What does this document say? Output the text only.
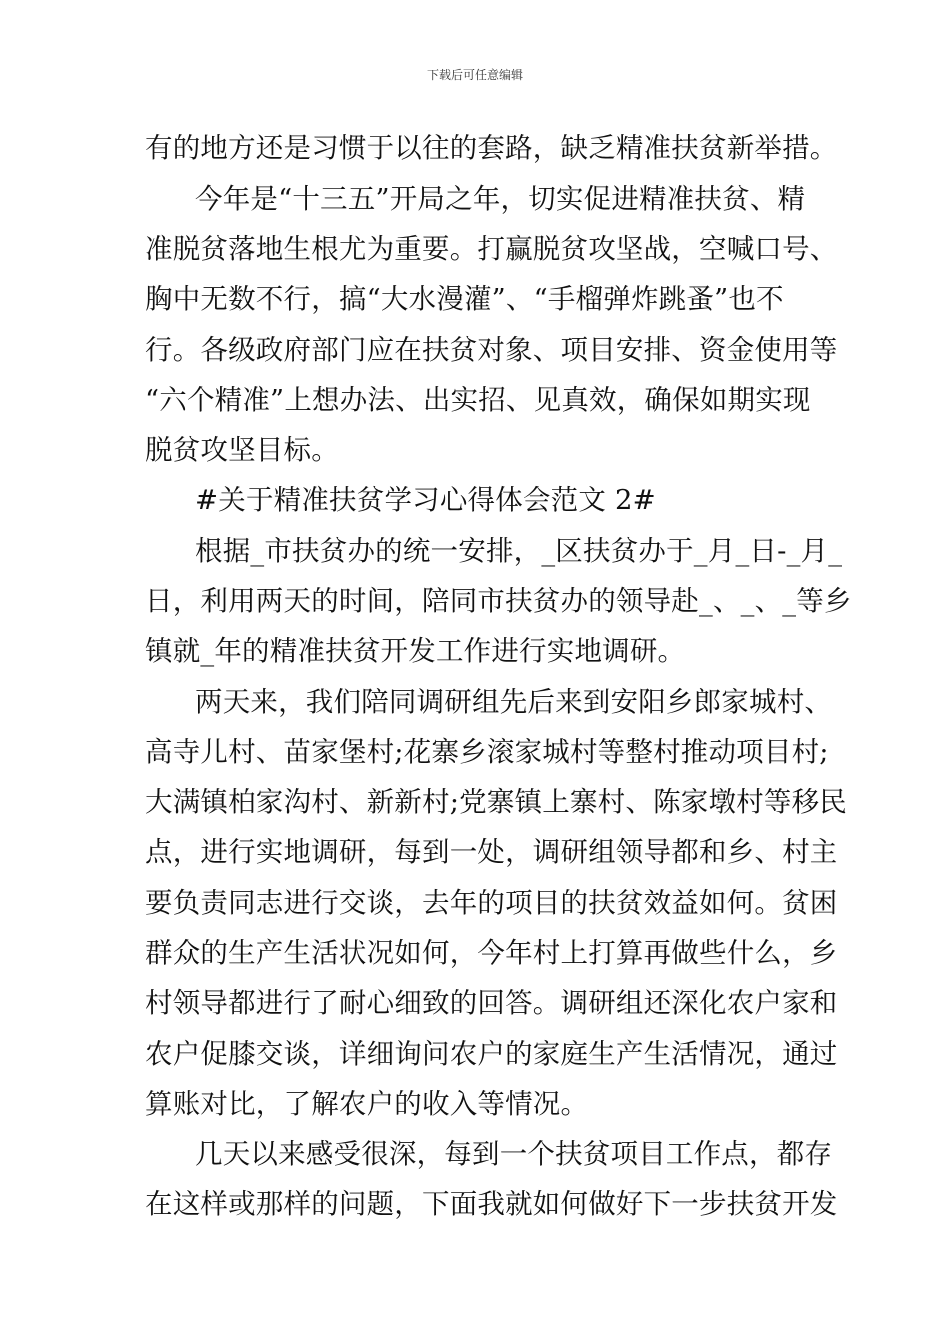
下载后可任意编辑
有的地方还是习惯于以往的套路，缺乏精准扶贫新举措。
今年是“十三五”开局之年，切实促进精准扶贫、精
准脱贫落地生根尤为重要。打赢脱贫攻坚战，空喊口号、
胸中无数不行，搞“大水漫灌”、“手榴弹炸跳蚤”也不
行。各级政府部门应在扶贫对象、项目安排、资金使用等
“六个精准”上想办法、出实招、见真效，确保如期实现
脱贫攻坚目标。
#关于精准扶贫学习心得体会范文 2#
根据_市扶贫办的统一安排，_区扶贫办于_月_日-_月_
日，利用两天的时间，陪同市扶贫办的领导赴_、_、_等乡
镇就_年的精准扶贫开发工作进行实地调研。
两天来，我们陪同调研组先后来到安阳乡郎家城村、
高寺儿村、苗家堡村;花寨乡滚家城村等整村推动项目村;
大满镇柏家沟村、新新村;党寨镇上寨村、陈家墩村等移民
点，进行实地调研，每到一处，调研组领导都和乡、村主
要负责同志进行交谈，去年的项目的扶贫效益如何。贫困
群众的生产生活状况如何，今年村上打算再做些什么，乡
村领导都进行了耐心细致的回答。调研组还深化农户家和
农户促膝交谈，详细询问农户的家庭生产生活情况，通过
算账对比，了解农户的收入等情况。
几天以来感受很深，每到一个扶贫项目工作点，都存
在这样或那样的问题，下面我就如何做好下一步扶贫开发
